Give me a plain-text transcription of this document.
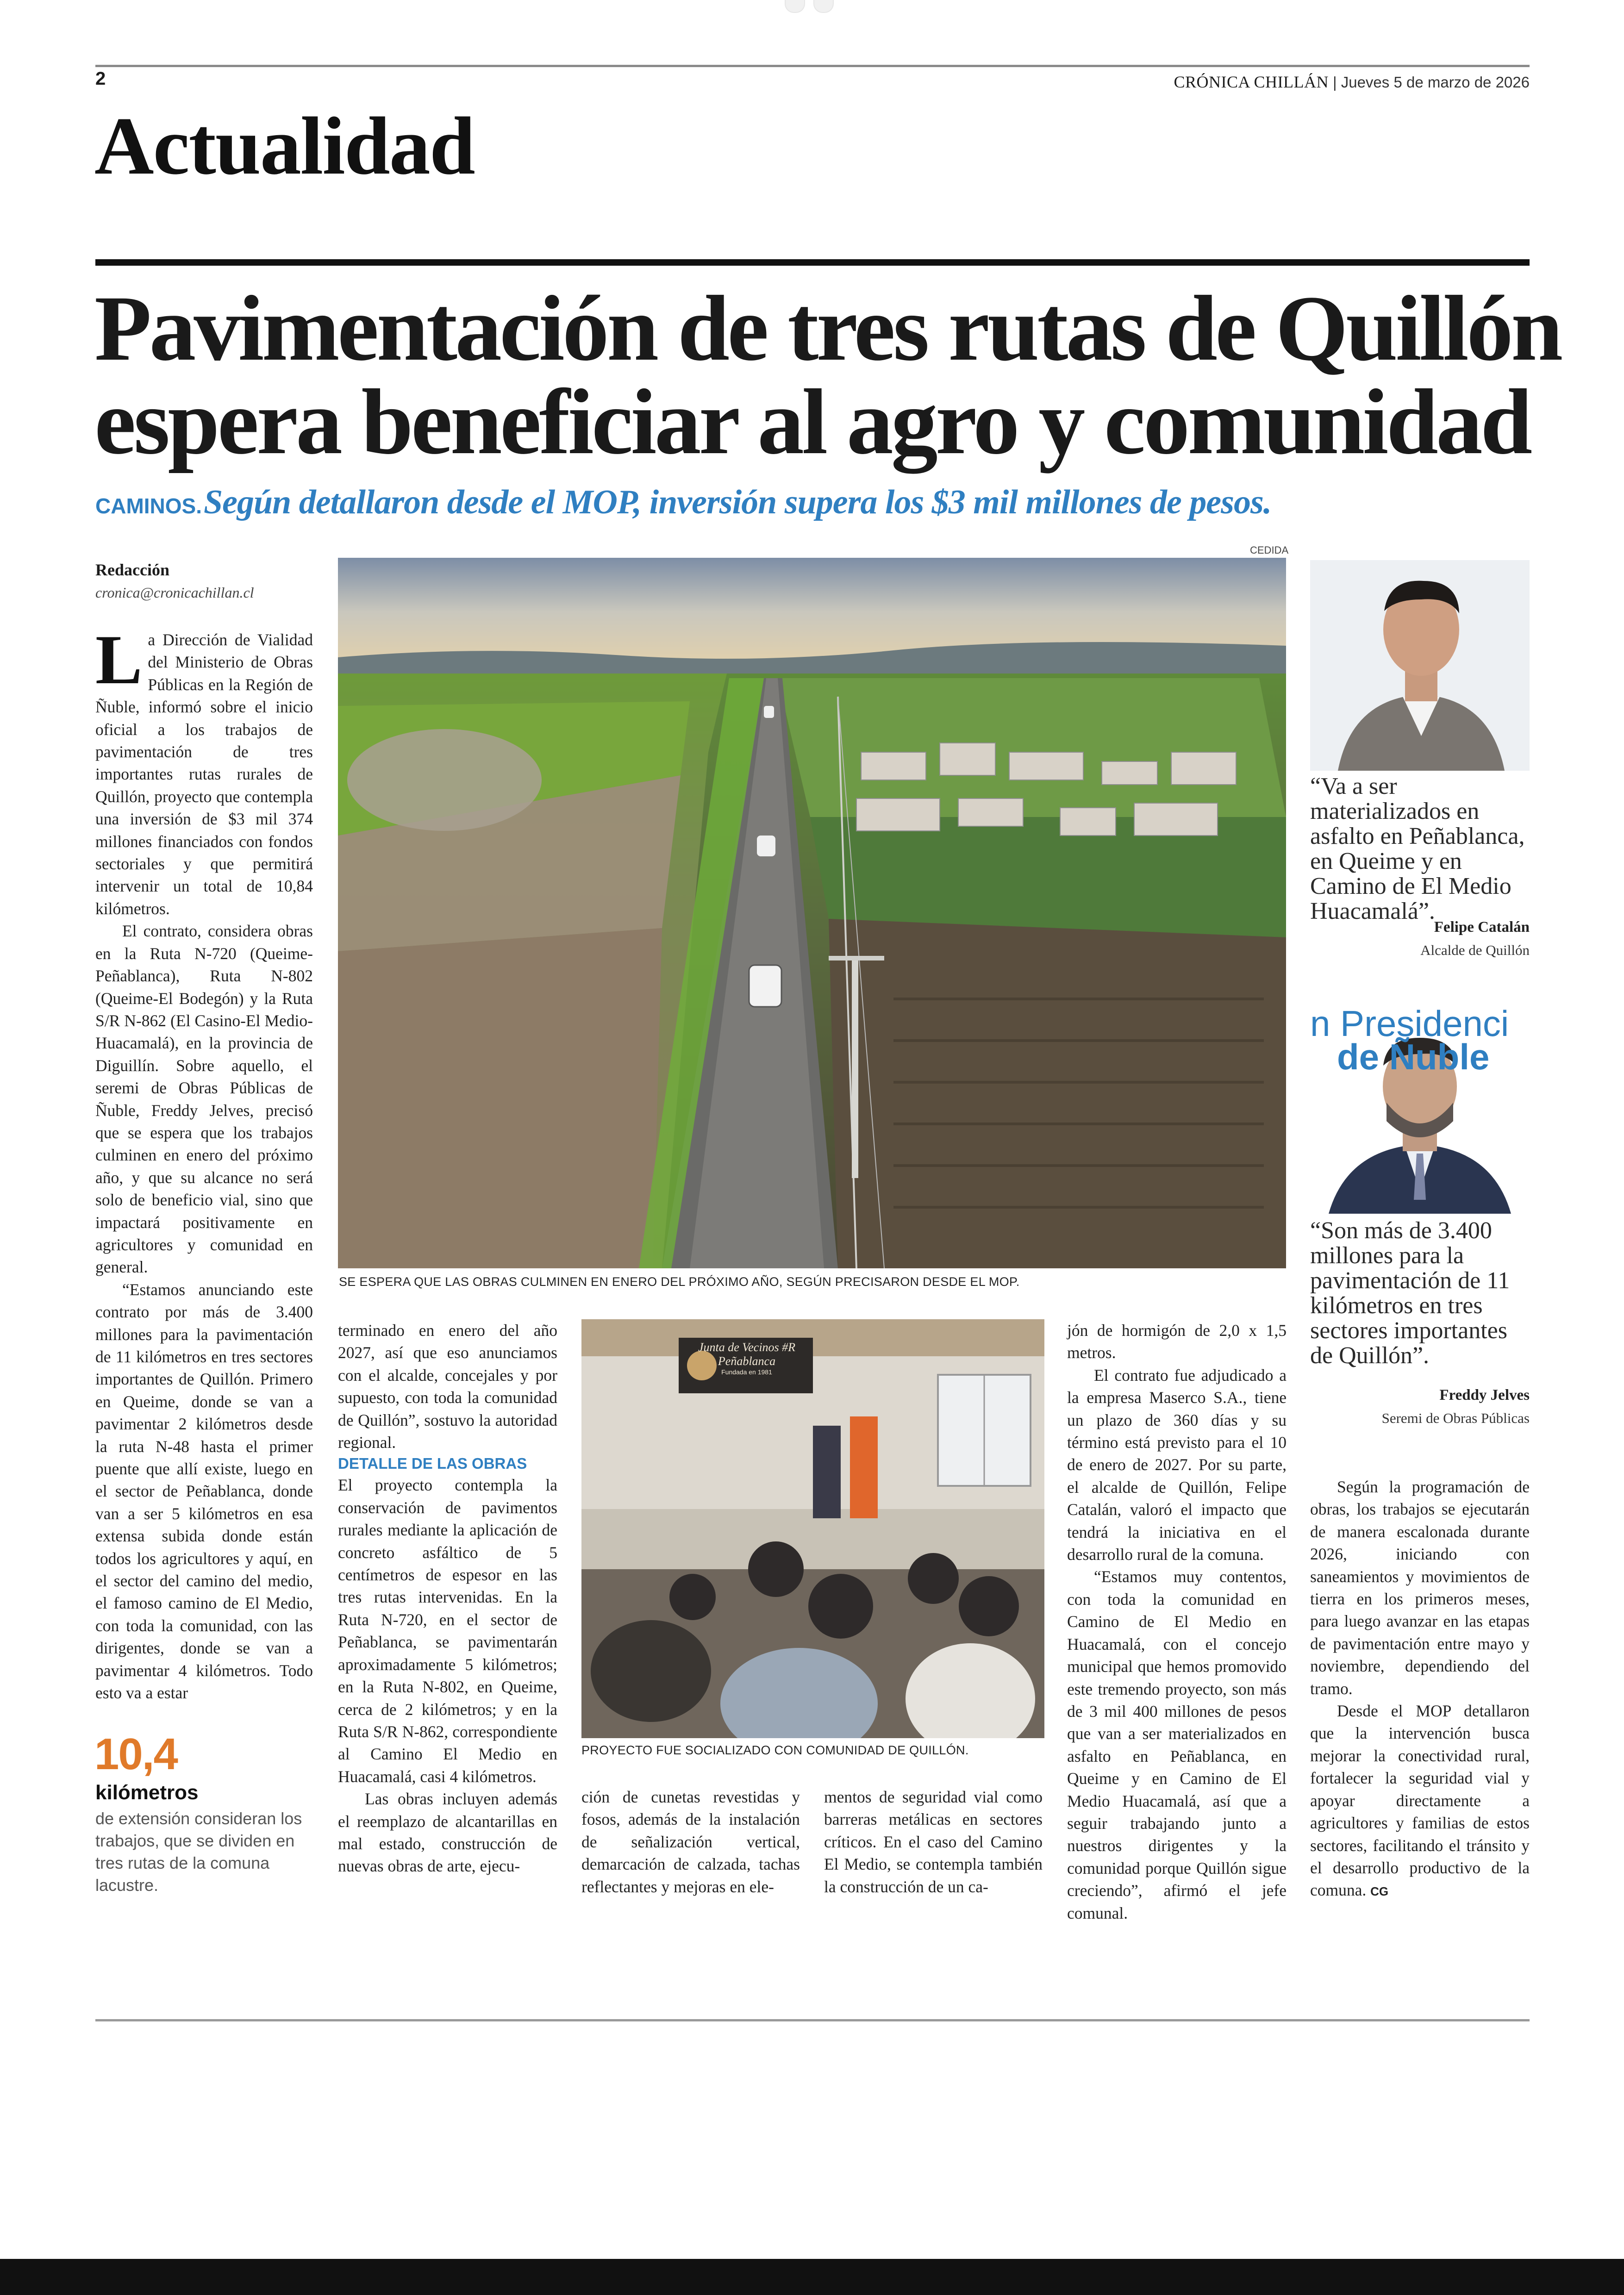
2	CRÓNICA CHILLÁN | Jueves 5 de marzo de 2026
Actualidad
Pavimentación de tres rutas de Quillón
espera beneficiar al agro y comunidad
CAMINOS. Según detallaron desde el MOP, inversión supera los $3 mil millones de pesos.
Redacción
cronica@cronicachillan.cl

La Dirección de Vialidad del Ministerio de Obras Públicas en la Región de Ñuble, informó sobre el inicio oficial a los trabajos de pavimentación de tres importantes rutas rurales de Quillón, proyecto que contempla una inversión de $3 mil 374 millones financiados con fondos sectoriales y que permitirá intervenir un total de 10,84 kilómetros.

El contrato, considera obras en la Ruta N-720 (Queime-Peñablanca), Ruta N-802 (Queime-El Bodegón) y la Ruta S/R N-862 (El Casino-El Medio-Huacamalá), en la provincia de Diguillín. Sobre aquello, el seremi de Obras Públicas de Ñuble, Freddy Jelves, precisó que se espera que los trabajos culminen en enero del próximo año, y que su alcance no será solo de beneficio vial, sino que impactará positivamente en agricultores y comunidad en general.

“Estamos anunciando este contrato por más de 3.400 millones para la pavimentación de 11 kilómetros en tres sectores importantes de Quillón. Primero en Queime, donde se van a pavimentar 2 kilómetros desde la ruta N-48 hasta el primer puente que allí existe, luego en el sector de Peñablanca, donde van a ser 5 kilómetros en esa extensa subida donde están todos los agricultores y aquí, en el sector del camino del medio, el famoso camino de El Medio, con toda la comunidad, con las dirigentes, donde se van a pavimentar 4 kilómetros. Todo esto va a estar

10,4
kilómetros
de extensión consideran los trabajos, que se dividen en tres rutas de la comuna lacustre.
CEDIDA
SE ESPERA QUE LAS OBRAS CULMINEN EN ENERO DEL PRÓXIMO AÑO, SEGÚN PRECISARON DESDE EL MOP.

terminado en enero del año 2027, así que eso anunciamos con el alcalde, concejales y por supuesto, con toda la comunidad de Quillón”, sostuvo la autoridad regional.

DETALLE DE LAS OBRAS

El proyecto contempla la conservación de pavimentos rurales mediante la aplicación de concreto asfáltico de 5 centímetros de espesor en las tres rutas intervenidas. En la Ruta N-720, en el sector de Peñablanca, se pavimentarán aproximadamente 5 kilómetros; en la Ruta N-802, en Queime, cerca de 2 kilómetros; y en la Ruta S/R N-862, correspondiente al Camino El Medio en Huacamalá, casi 4 kilómetros.

Las obras incluyen además el reemplazo de alcantarillas en mal estado, construcción de nuevas obras de arte, ejecu-

Junta de Vecinos #R
Peñablanca
Fundada en 1981
PROYECTO FUE SOCIALIZADO CON COMUNIDAD DE QUILLÓN.

ción de cunetas revestidas y fosos, además de la instalación de señalización vertical, demarcación de calzada, tachas reflectantes y mejoras en ele-

mentos de seguridad vial como barreras metálicas en sectores críticos. En el caso del Camino El Medio, se contempla también la construcción de un ca-

jón de hormigón de 2,0 x 1,5 metros.

El contrato fue adjudicado a la empresa Maserco S.A., tiene un plazo de 360 días y su término está previsto para el 10 de enero de 2027. Por su parte, el alcalde de Quillón, Felipe Catalán, valoró el impacto que tendrá la iniciativa en el desarrollo rural de la comuna.

“Estamos muy contentos, con toda la comunidad en Camino de El Medio en Huacamalá, con el concejo municipal que hemos promovido este tremendo proyecto, son más de 3 mil 400 millones de pesos que van a ser materializados en asfalto en Peñablanca, en Queime y en Camino de El Medio Huacamalá, así que a seguir trabajando junto a nuestros dirigentes y la comunidad porque Quillón sigue creciendo”, afirmó el jefe comunal.

“Va a ser materializados en asfalto en Peñablanca, en Queime y en Camino de El Medio Huacamalá”.
Felipe Catalán
Alcalde de Quillón
n Presidenci
de Ñuble
“Son más de 3.400 millones para la pavimentación de 11 kilómetros en tres sectores importantes de Quillón”.
Freddy Jelves
Seremi de Obras Públicas

Según la programación de obras, los trabajos se ejecutarán de manera escalonada durante 2026, iniciando con saneamientos y movimientos de tierra en los primeros meses, para luego avanzar en las etapas de pavimentación entre mayo y noviembre, dependiendo del tramo.

Desde el MOP detallaron que la intervención busca mejorar la conectividad rural, fortalecer la seguridad vial y apoyar directamente a agricultores y familias de estos sectores, facilitando el tránsito y el desarrollo productivo de la comuna. CG
